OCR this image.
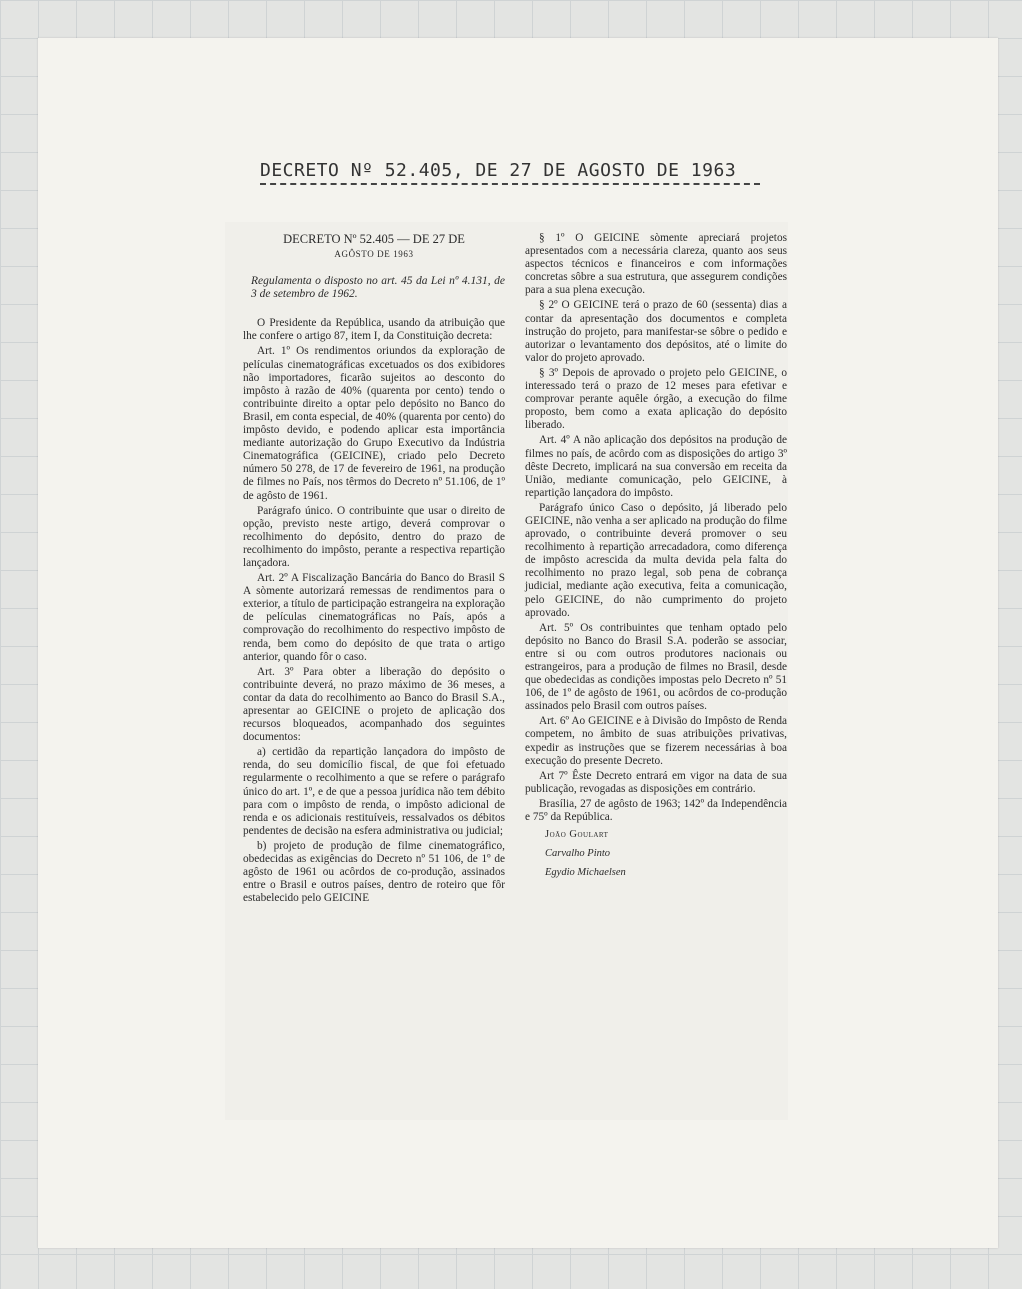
DECRETO Nº 52.405, DE 27 DE AGOSTO DE 1963

DECRETO Nº 52.405 — DE 27 DE

AGÔSTO DE 1963

Regulamenta o disposto no art. 45 da Lei nº 4.131, de 3 de setembro de 1962.

O Presidente da República, usando da atribuição que lhe confere o artigo 87, item I, da Constituição decreta:

Art. 1º Os rendimentos oriundos da exploração de películas cinematográficas excetuados os dos exibidores não importadores, ficarão sujeitos ao desconto do impôsto à razão de 40% (quarenta por cento) tendo o contribuinte direito a optar pelo depósito no Banco do Brasil, em conta especial, de 40% (quarenta por cento) do impôsto devido, e podendo aplicar esta importância mediante autorização do Grupo Executivo da Indústria Cinematográfica (GEICINE), criado pelo Decreto número 50 278, de 17 de fevereiro de 1961, na produção de filmes no País, nos têrmos do Decreto nº 51.106, de 1º de agôsto de 1961.

Parágrafo único. O contribuinte que usar o direito de opção, previsto neste artigo, deverá comprovar o recolhimento do depósito, dentro do prazo de recolhimento do impôsto, perante a respectiva repartição lançadora.

Art. 2º A Fiscalização Bancária do Banco do Brasil S A sòmente autorizará remessas de rendimentos para o exterior, a título de participação estrangeira na exploração de películas cinematográficas no País, após a comprovação do recolhimento do respectivo impôsto de renda, bem como do depósito de que trata o artigo anterior, quando fôr o caso.

Art. 3º Para obter a liberação do depósito o contribuinte deverá, no prazo máximo de 36 meses, a contar da data do recolhimento ao Banco do Brasil S.A., apresentar ao GEICINE o projeto de aplicação dos recursos bloqueados, acompanhado dos seguintes documentos:

a) certidão da repartição lançadora do impôsto de renda, do seu domicílio fiscal, de que foi efetuado regularmente o recolhimento a que se refere o parágrafo único do art. 1º, e de que a pessoa jurídica não tem débito para com o impôsto de renda, o impôsto adicional de renda e os adicionais restituíveis, ressalvados os débitos pendentes de decisão na esfera administrativa ou judicial;

b) projeto de produção de filme cinematográfico, obedecidas as exigências do Decreto nº 51 106, de 1º de agôsto de 1961 ou acôrdos de co-produção, assinados entre o Brasil e outros países, dentro de roteiro que fôr estabelecido pelo GEICINE

§ 1º O GEICINE sòmente apreciará projetos apresentados com a necessária clareza, quanto aos seus aspectos técnicos e financeiros e com informações concretas sôbre a sua estrutura, que assegurem condições para a sua plena execução.

§ 2º O GEICINE terá o prazo de 60 (sessenta) dias a contar da apresentação dos documentos e completa instrução do projeto, para manifestar-se sôbre o pedido e autorizar o levantamento dos depósitos, até o limite do valor do projeto aprovado.

§ 3º Depois de aprovado o projeto pelo GEICINE, o interessado terá o prazo de 12 meses para efetivar e comprovar perante aquêle órgão, a execução do filme proposto, bem como a exata aplicação do depósito liberado.

Art. 4º A não aplicação dos depósitos na produção de filmes no país, de acôrdo com as disposições do artigo 3º dêste Decreto, implicará na sua conversão em receita da União, mediante comunicação, pelo GEICINE, à repartição lançadora do impôsto.

Parágrafo único Caso o depósito, já liberado pelo GEICINE, não venha a ser aplicado na produção do filme aprovado, o contribuinte deverá promover o seu recolhimento à repartição arrecadadora, como diferença de impôsto acrescida da multa devida pela falta do recolhimento no prazo legal, sob pena de cobrança judicial, mediante ação executiva, feita a comunicação, pelo GEICINE, do não cumprimento do projeto aprovado.

Art. 5º Os contribuintes que tenham optado pelo depósito no Banco do Brasil S.A. poderão se associar, entre si ou com outros produtores nacionais ou estrangeiros, para a produção de filmes no Brasil, desde que obedecidas as condições impostas pelo Decreto nº 51 106, de 1º de agôsto de 1961, ou acôrdos de co-produção assinados pelo Brasil com outros países.

Art. 6º Ao GEICINE e à Divisão do Impôsto de Renda competem, no âmbito de suas atribuições privativas, expedir as instruções que se fizerem necessárias à boa execução do presente Decreto.

Art 7º Êste Decreto entrará em vigor na data de sua publicação, revogadas as disposições em contrário.

Brasília, 27 de agôsto de 1963; 142º da Independência e 75º da República.

João Goulart
Carvalho Pinto
Egydio Michaelsen
